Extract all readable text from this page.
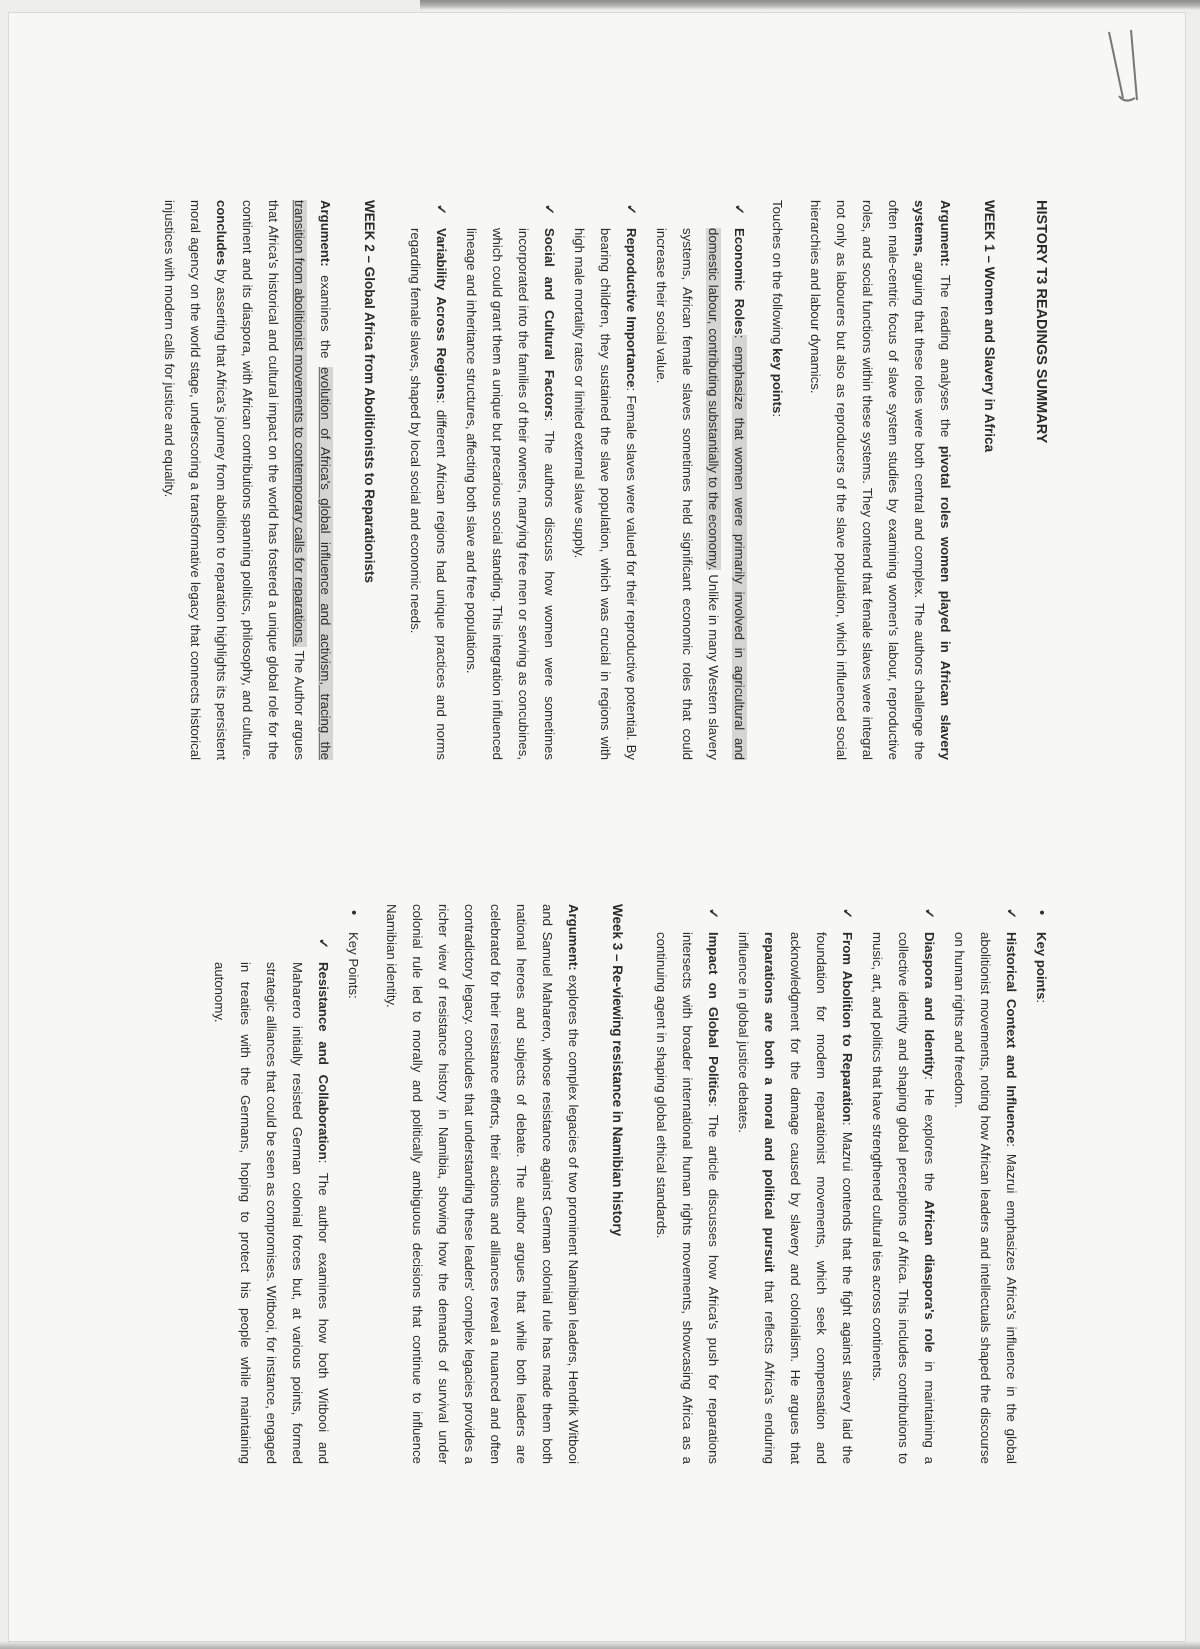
HISTORY T3 READINGS SUMMARY
WEEK 1 – Women and Slavery in Africa

Argument: The reading analyses the pivotal roles women played in African slavery systems, arguing that these roles were both central and complex. The authors challenge the often male-centric focus of slave system studies by examining women's labour, reproductive roles, and social functions within these systems. They contend that female slaves were integral not only as labourers but also as reproducers of the slave population, which influenced social hierarchies and labour dynamics.

Touches on the following key points:

✓
Economic Roles: emphasize that women were primarily involved in agricultural and domestic labour, contributing substantially to the economy. Unlike in many Western slavery systems, African female slaves sometimes held significant economic roles that could increase their social value.
✓
Reproductive Importance: Female slaves were valued for their reproductive potential. By bearing children, they sustained the slave population, which was crucial in regions with high male mortality rates or limited external slave supply.
✓
Social and Cultural Factors: The authors discuss how women were sometimes incorporated into the families of their owners, marrying free men or serving as concubines, which could grant them a unique but precarious social standing. This integration influenced lineage and inheritance structures, affecting both slave and free populations.
✓
Variability Across Regions: different African regions had unique practices and norms regarding female slaves, shaped by local social and economic needs.
WEEK 2 – Global Africa from Abolitionists to Reparationists

Argument: examines the evolution of Africa's global influence and activism, tracing the transition from abolitionist movements to contemporary calls for reparations. The Author argues that Africa's historical and cultural impact on the world has fostered a unique global role for the continent and its diaspora, with African contributions spanning politics, philosophy, and culture. concludes by asserting that Africa's journey from abolition to reparation highlights its persistent moral agency on the world stage, underscoring a transformative legacy that connects historical injustices with modern calls for justice and equality.

•
Key points:
✓
Historical Context and Influence: Mazrui emphasizes Africa's influence in the global abolitionist movements, noting how African leaders and intellectuals shaped the discourse on human rights and freedom.
✓
Diaspora and Identity: He explores the African diaspora's role in maintaining a collective identity and shaping global perceptions of Africa. This includes contributions to music, art, and politics that have strengthened cultural ties across continents.
✓
From Abolition to Reparation: Mazrui contends that the fight against slavery laid the foundation for modern reparationist movements, which seek compensation and acknowledgment for the damage caused by slavery and colonialism. He argues that reparations are both a moral and political pursuit that reflects Africa's enduring influence in global justice debates.
✓
Impact on Global Politics: The article discusses how Africa's push for reparations intersects with broader international human rights movements, showcasing Africa as a continuing agent in shaping global ethical standards.
Week 3 – Re-viewing resistance in Namibian history

Argument: explores the complex legacies of two prominent Namibian leaders, Hendrik Witbooi and Samuel Maharero, whose resistance against German colonial rule has made them both national heroes and subjects of debate. The author argues that while both leaders are celebrated for their resistance efforts, their actions and alliances reveal a nuanced and often contradictory legacy. concludes that understanding these leaders' complex legacies provides a richer view of resistance history in Namibia, showing how the demands of survival under colonial rule led to morally and politically ambiguous decisions that continue to influence Namibian identity.

•
Key Points:
✓
Resistance and Collaboration: The author examines how both Witbooi and Maharero initially resisted German colonial forces but, at various points, formed strategic alliances that could be seen as compromises. Witbooi, for instance, engaged in treaties with the Germans, hoping to protect his people while maintaining autonomy.
